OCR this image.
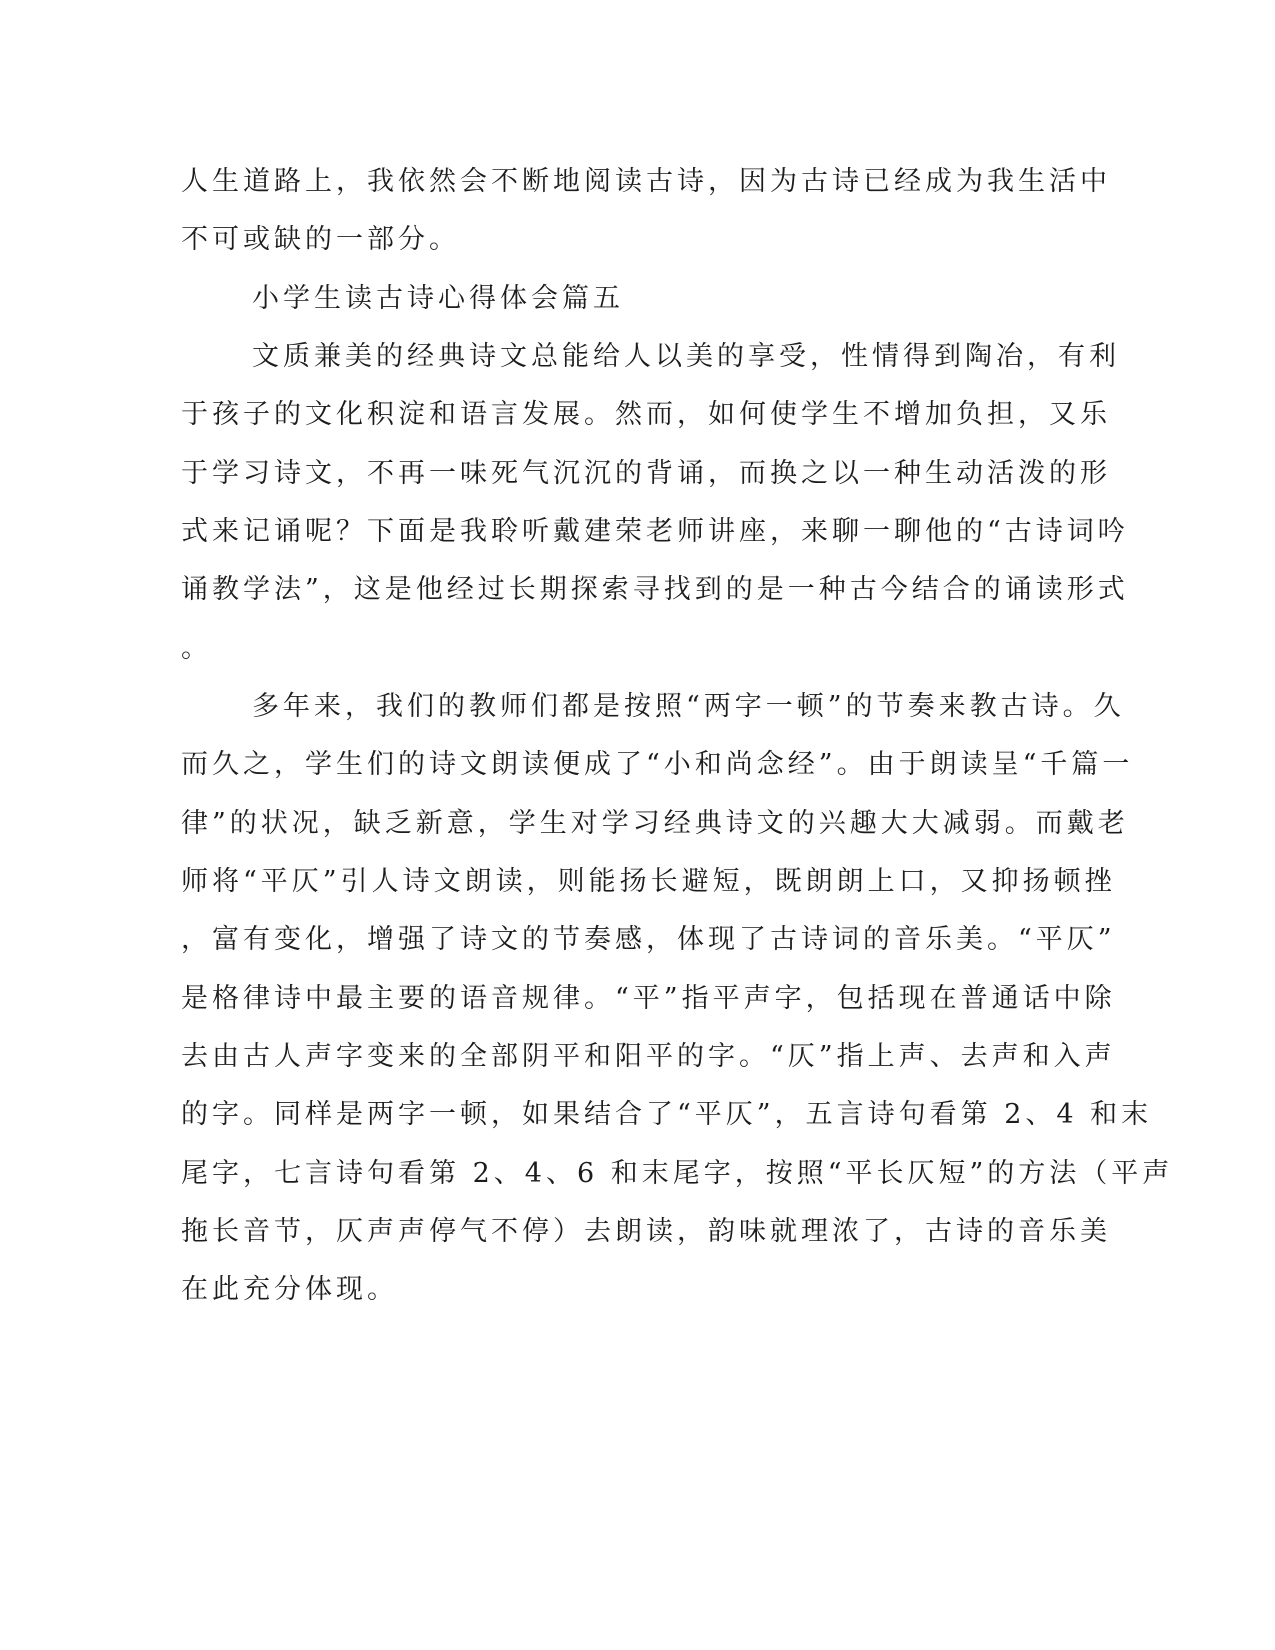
人生道路上，我依然会不断地阅读古诗，因为古诗已经成为我生活中
不可或缺的一部分。
小学生读古诗心得体会篇五
文质兼美的经典诗文总能给人以美的享受，性情得到陶冶，有利
于孩子的文化积淀和语言发展。然而，如何使学生不增加负担，又乐
于学习诗文，不再一味死气沉沉的背诵，而换之以一种生动活泼的形
式来记诵呢？下面是我聆听戴建荣老师讲座，来聊一聊他的“古诗词吟
诵教学法”，这是他经过长期探索寻找到的是一种古今结合的诵读形式
。
多年来，我们的教师们都是按照“两字一顿”的节奏来教古诗。久
而久之，学生们的诗文朗读便成了“小和尚念经”。由于朗读呈“千篇一
律”的状况，缺乏新意，学生对学习经典诗文的兴趣大大减弱。而戴老
师将“平仄”引人诗文朗读，则能扬长避短，既朗朗上口，又抑扬顿挫
，富有变化，增强了诗文的节奏感，体现了古诗词的音乐美。“平仄”
是格律诗中最主要的语音规律。“平”指平声字，包括现在普通话中除
去由古人声字变来的全部阴平和阳平的字。“仄”指上声、去声和入声
的字。同样是两字一顿，如果结合了“平仄”，五言诗句看第 2、4 和末
尾字，七言诗句看第 2、4、6 和末尾字，按照“平长仄短”的方法（平声
拖长音节，仄声声停气不停）去朗读，韵味就理浓了，古诗的音乐美
在此充分体现。
